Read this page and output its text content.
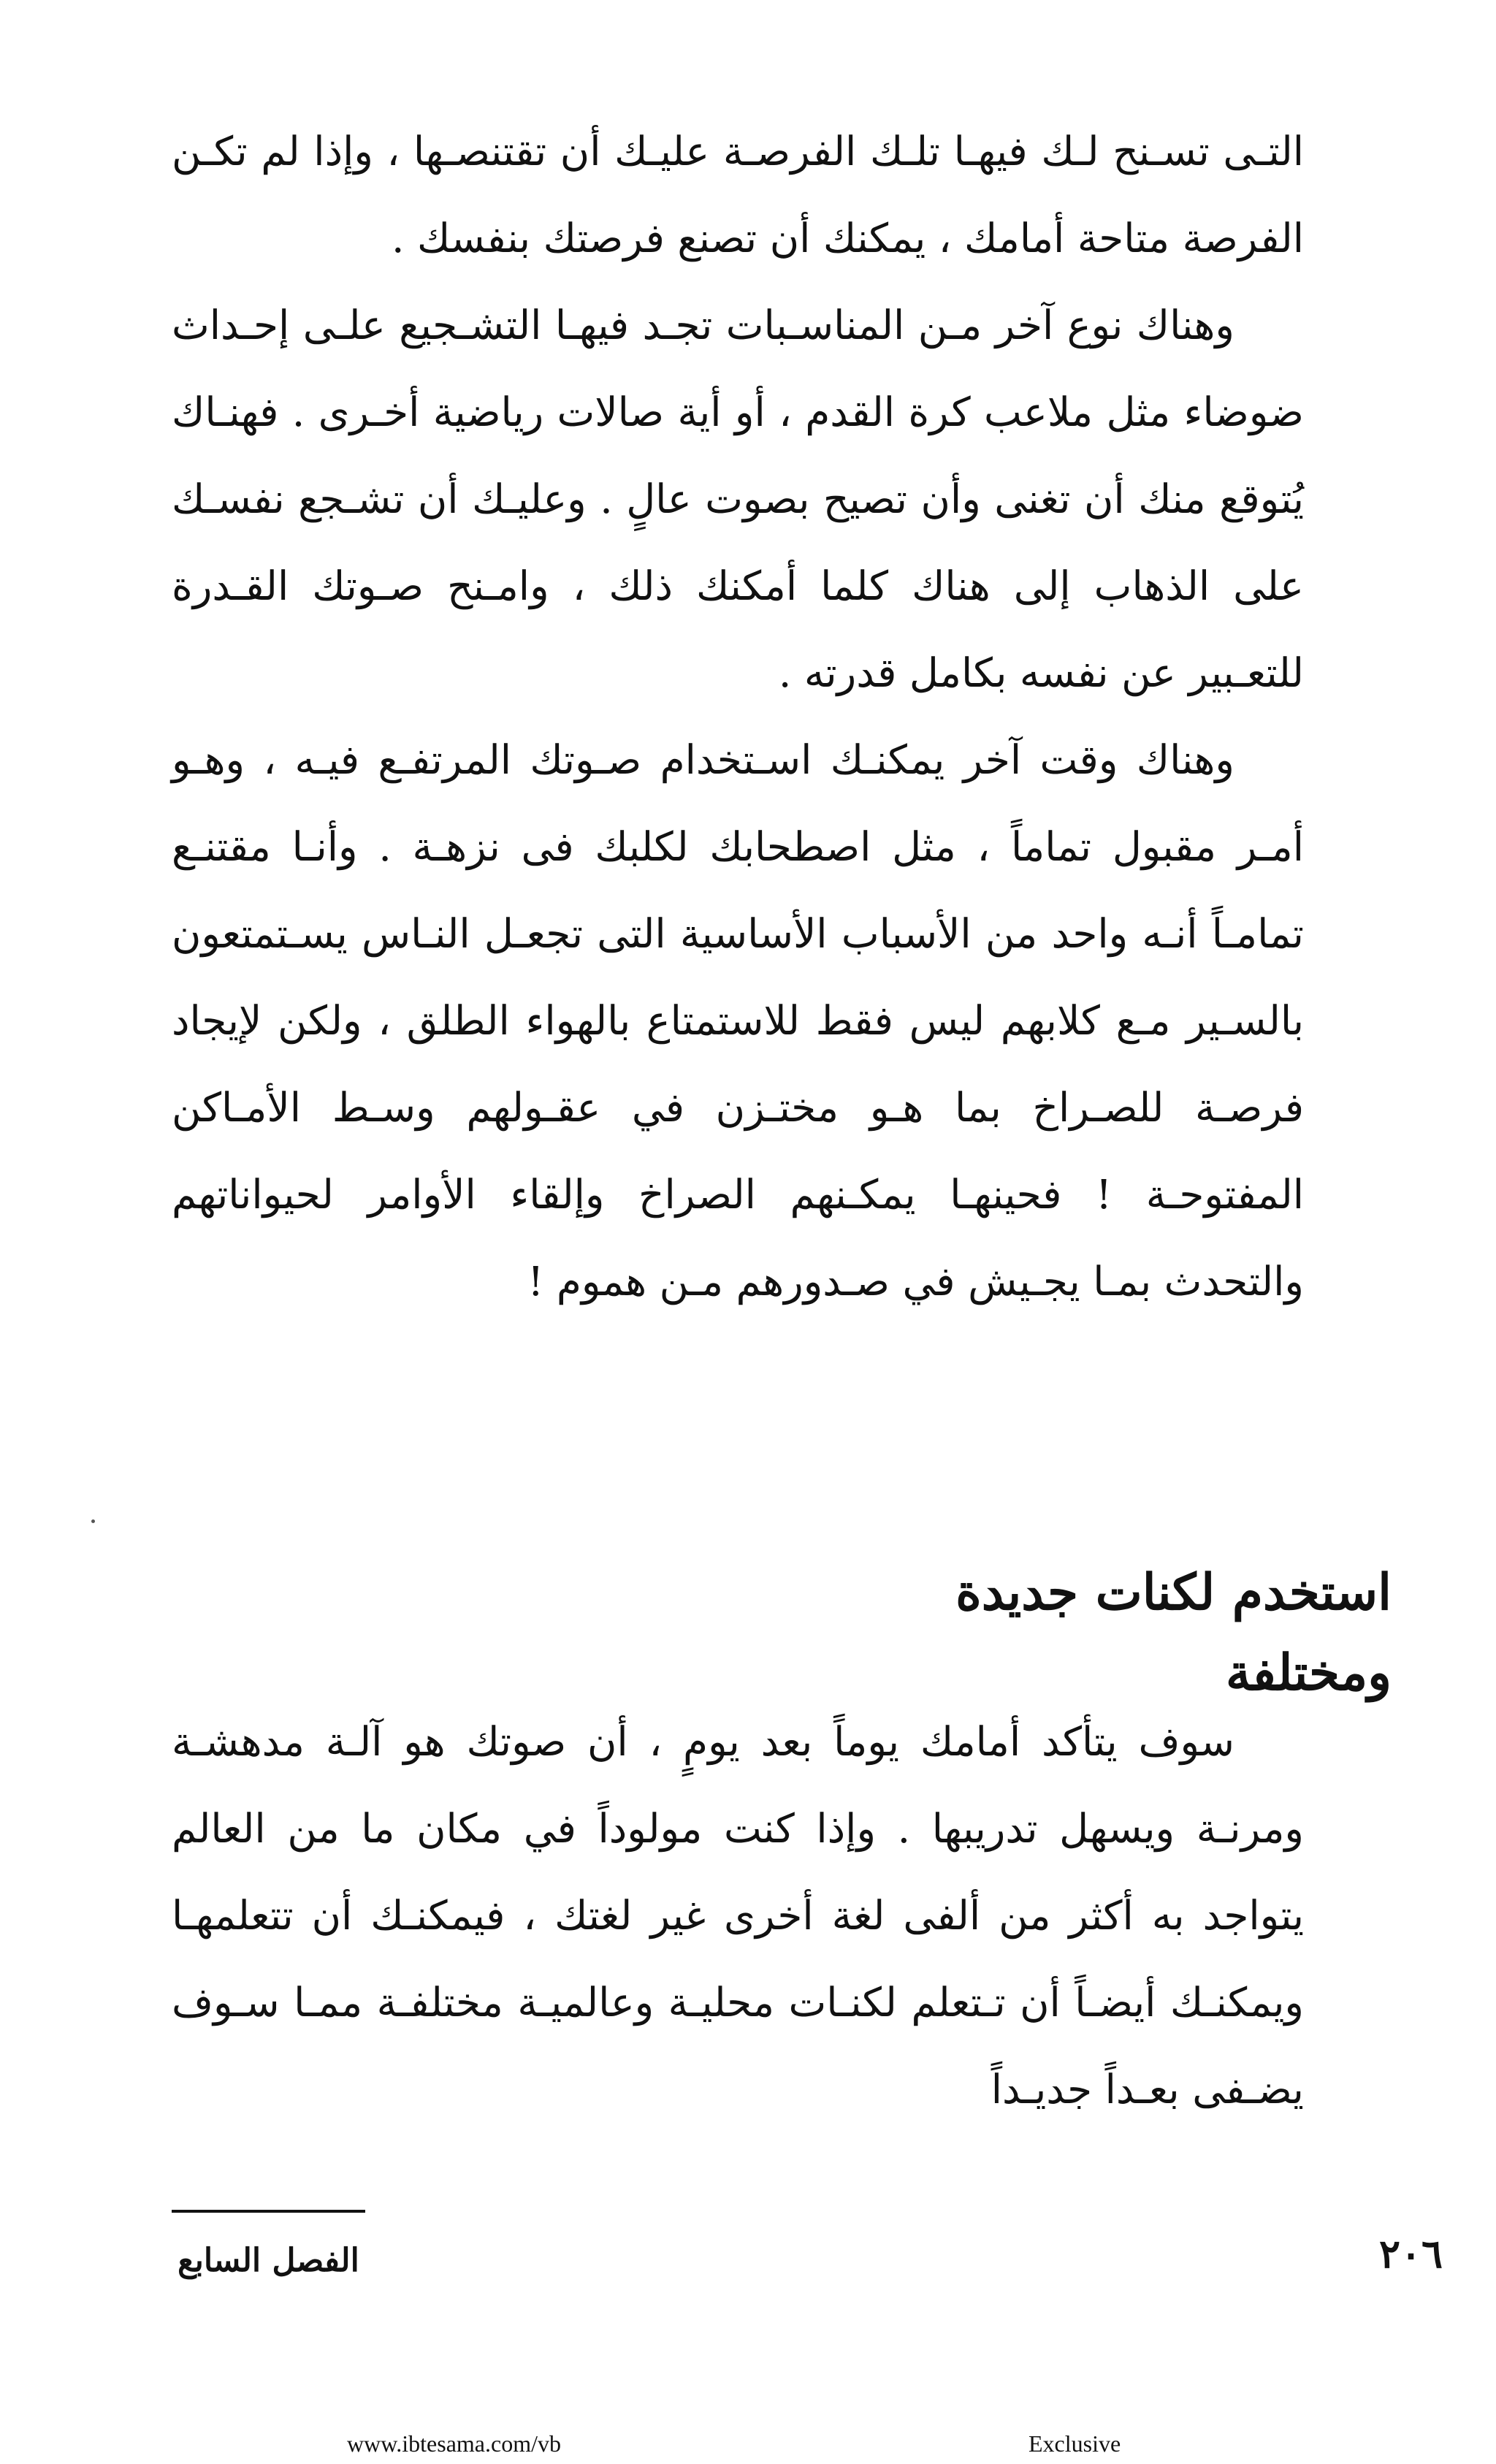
التـى تسـنح لـك فيهـا تلـك الفرصـة عليـك أن تقتنصـها ، وإذا لم تكـن الفرصة متاحة أمامك ، يمكنك أن تصنع فرصتك بنفسك .

وهناك نوع آخر مـن المناسـبات تجـد فيهـا التشـجيع علـى إحـداث ضوضاء مثل ملاعب كرة القدم ، أو أية صالات رياضية أخـرى . فهنـاك يُتوقع منك أن تغنى وأن تصيح بصوت عالٍ . وعليـك أن تشـجع نفسـك على الذهاب إلى هناك كلما أمكنك ذلك ، وامـنح صـوتك القـدرة للتعـبير عن نفسه بكامل قدرته .

وهناك وقت آخر يمكنـك اسـتخدام صـوتك المرتفـع فيـه ، وهـو أمـر مقبول تماماً ، مثل اصطحابك لكلبك فى نزهـة . وأنـا مقتنـع تمامـاً أنـه واحد من الأسباب الأساسية التى تجعـل النـاس يسـتمتعون بالسـير مـع كلابهم ليس فقط للاستمتاع بالهواء الطلق ، ولكن لإيجاد فرصـة للصـراخ بما هـو مختـزن في عقـولهم وسـط الأمـاكن المفتوحـة ! فحينهـا يمكـنهم الصراخ وإلقاء الأوامر لحيواناتهم والتحدث بمـا يجـيش في صـدورهم مـن هموم !

استخدم لكنات جديدة ومختلفة

سوف يتأكد أمامك يوماً بعد يومٍ ، أن صوتك هو آلـة مدهشـة ومرنـة ويسهل تدريبها . وإذا كنت مولوداً في مكان ما من العالم يتواجد به أكثر من ألفى لغة أخرى غير لغتك ، فيمكنـك أن تتعلمهـا ويمكنـك أيضـاً أن تـتعلم لكنـات محليـة وعالميـة مختلفـة ممـا سـوف يضـفى بعـداً جديـداً

الفصل السابع	٢٠٦
www.ibtesama.com/vb	Exclusive
